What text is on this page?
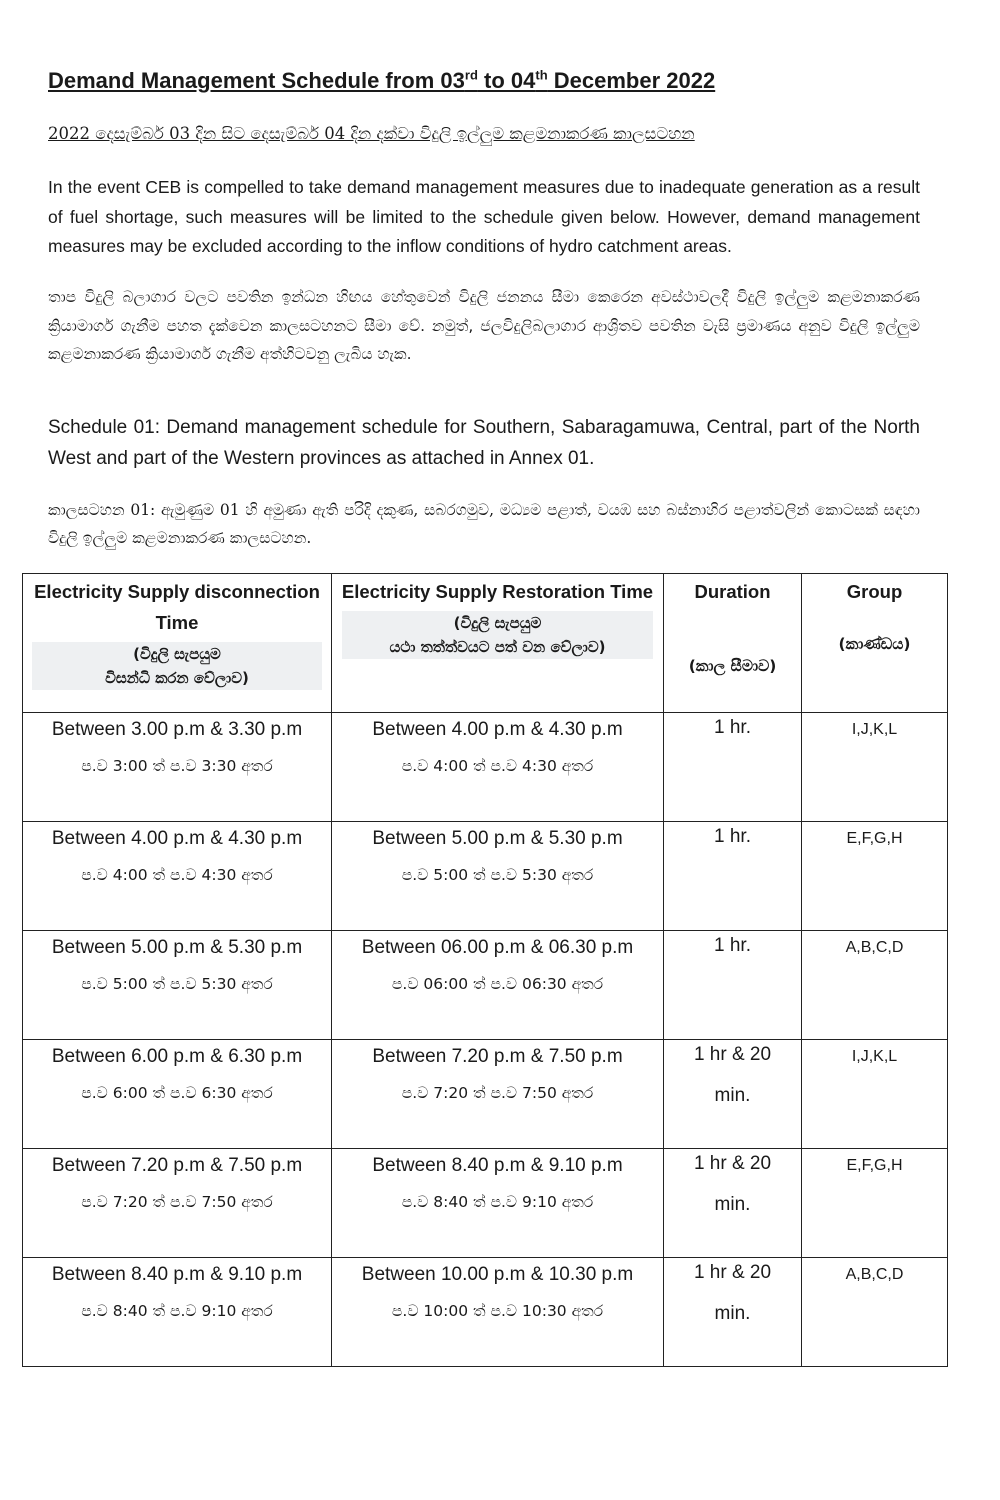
Demand Management Schedule from 03rd to 04th December 2022

2022 දෙසැම්බර් 03 දින සිට දෙසැම්බර් 04 දින දක්වා විදුලි ඉල්ලුම කළමනාකරණ කාලසටහන

In the event CEB is compelled to take demand management measures due to inadequate generation as a result of fuel shortage, such measures will be limited to the schedule given below. However, demand management measures may be excluded according to the inflow conditions of hydro catchment areas.

තාප විදුලි බලාගාර වලට පවතින ඉන්ධන හිඟය හේතුවෙන් විදුලි ජනනය සීමා කෙරෙන අවස්ථාවලදී විදුලි ඉල්ලුම කළමනාකරණ ක්‍රියාමාර්ග ගැනීම පහත දැක්වෙන කාලසටහනට සීමා වේ. නමුත්, ජලවිදුලිබලාගාර ආශ්‍රිතව පවතින වැසි ප්‍රමාණය අනුව විදුලි ඉල්ලුම කළමනාකරණ ක්‍රියාමාර්ග ගැනීම අත්හිටවනු ලැබිය හැක.

Schedule 01: Demand management schedule for Southern, Sabaragamuwa, Central, part of the North West and part of the Western provinces as attached in Annex 01.

කාලසටහන 01: ඇමුණුම 01 හි අමුණා ඇති පරිදි දකුණ, සබරගමුව, මධ්‍යම පළාත්, වයඹ සහ බස්නාහිර පළාත්වලින් කොටසක් සඳහා විදුලි ඉල්ලුම කළමනාකරණ කාලසටහන.

Electricity Supply disconnection Time
(විදුලි සැපයුම
විසන්ධි කරන වේලාව)	Electricity Supply Restoration Time
(විදුලි සැපයුම
යථා තත්ත්වයට පත් වන වේලාව)	Duration
(කාල සීමාව)	Group
(කාණ්ඩය)

Between 3.00 p.m & 3.30 p.m
ප.ව 3:00 ත් ප.ව 3:30 අතර	Between 4.00 p.m & 4.30 p.m
ප.ව 4:00 ත් ප.ව 4:30 අතර	1 hr.	I,J,K,L

Between 4.00 p.m & 4.30 p.m
ප.ව 4:00 ත් ප.ව 4:30 අතර	Between 5.00 p.m & 5.30 p.m
ප.ව 5:00 ත් ප.ව 5:30 අතර	1 hr.	E,F,G,H

Between 5.00 p.m & 5.30 p.m
ප.ව 5:00 ත් ප.ව 5:30 අතර	Between 06.00 p.m & 06.30 p.m
ප.ව 06:00 ත් ප.ව 06:30 අතර	1 hr.	A,B,C,D

Between 6.00 p.m & 6.30 p.m
ප.ව 6:00 ත් ප.ව 6:30 අතර	Between 7.20 p.m & 7.50 p.m
ප.ව 7:20 ත් ප.ව 7:50 අතර	1 hr & 20 min.	I,J,K,L

Between 7.20 p.m & 7.50 p.m
ප.ව 7:20 ත් ප.ව 7:50 අතර	Between 8.40 p.m & 9.10 p.m
ප.ව 8:40 ත් ප.ව 9:10 අතර	1 hr & 20 min.	E,F,G,H

Between 8.40 p.m & 9.10 p.m
ප.ව 8:40 ත් ප.ව 9:10 අතර	Between 10.00 p.m & 10.30 p.m
ප.ව 10:00 ත් ප.ව 10:30 අතර	1 hr & 20 min.	A,B,C,D
